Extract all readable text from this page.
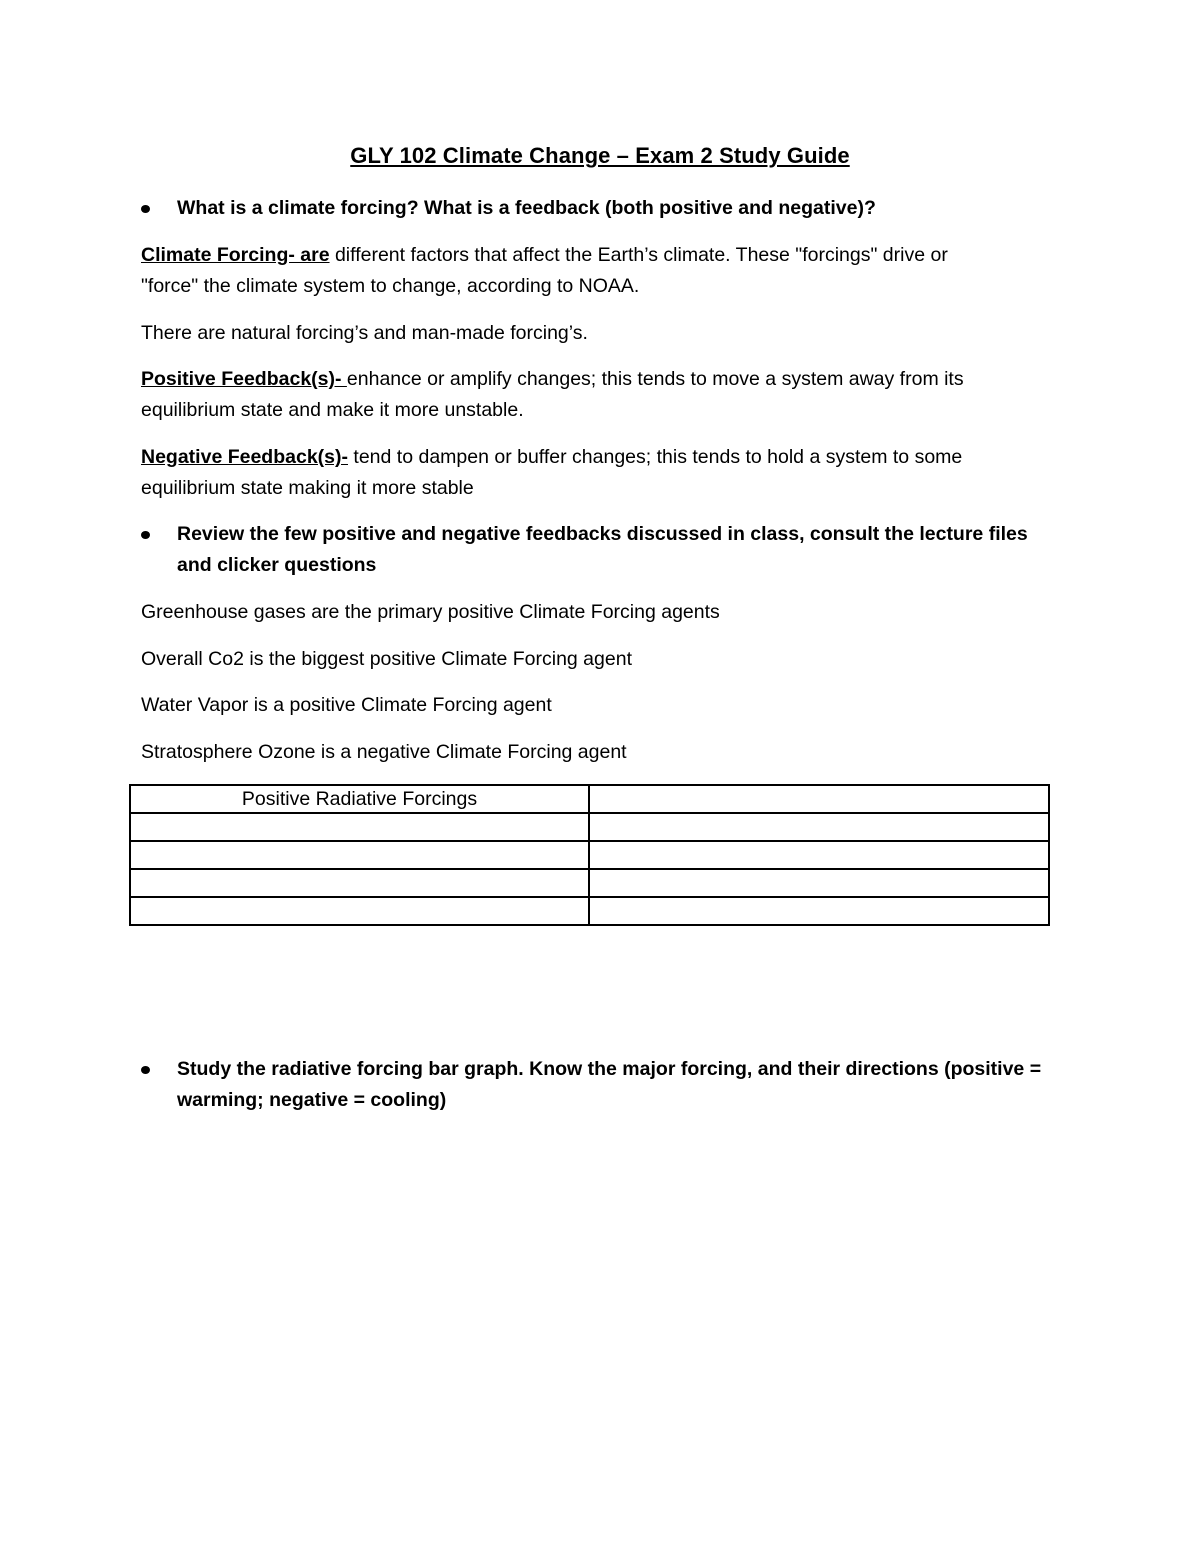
GLY 102 Climate Change – Exam 2 Study Guide
What is a climate forcing? What is a feedback (both positive and negative)?
Climate Forcing- are different factors that affect the Earth’s climate. These "forcings" drive or
"force" the climate system to change, according to NOAA.
There are natural forcing’s and man-made forcing’s.
Positive Feedback(s)- enhance or amplify changes; this tends to move a system away from its
equilibrium state and make it more unstable.
Negative Feedback(s)- tend to dampen or buffer changes; this tends to hold a system to some
equilibrium state making it more stable
Review the few positive and negative feedbacks discussed in class, consult the lecture files and clicker questions
Greenhouse gases are the primary positive Climate Forcing agents
Overall Co2 is the biggest positive Climate Forcing agent
Water Vapor is a positive Climate Forcing agent
Stratosphere Ozone is a negative Climate Forcing agent
Positive Radiative Forcings	

Study the radiative forcing bar graph. Know the major forcing, and their directions (positive = warming; negative = cooling)
